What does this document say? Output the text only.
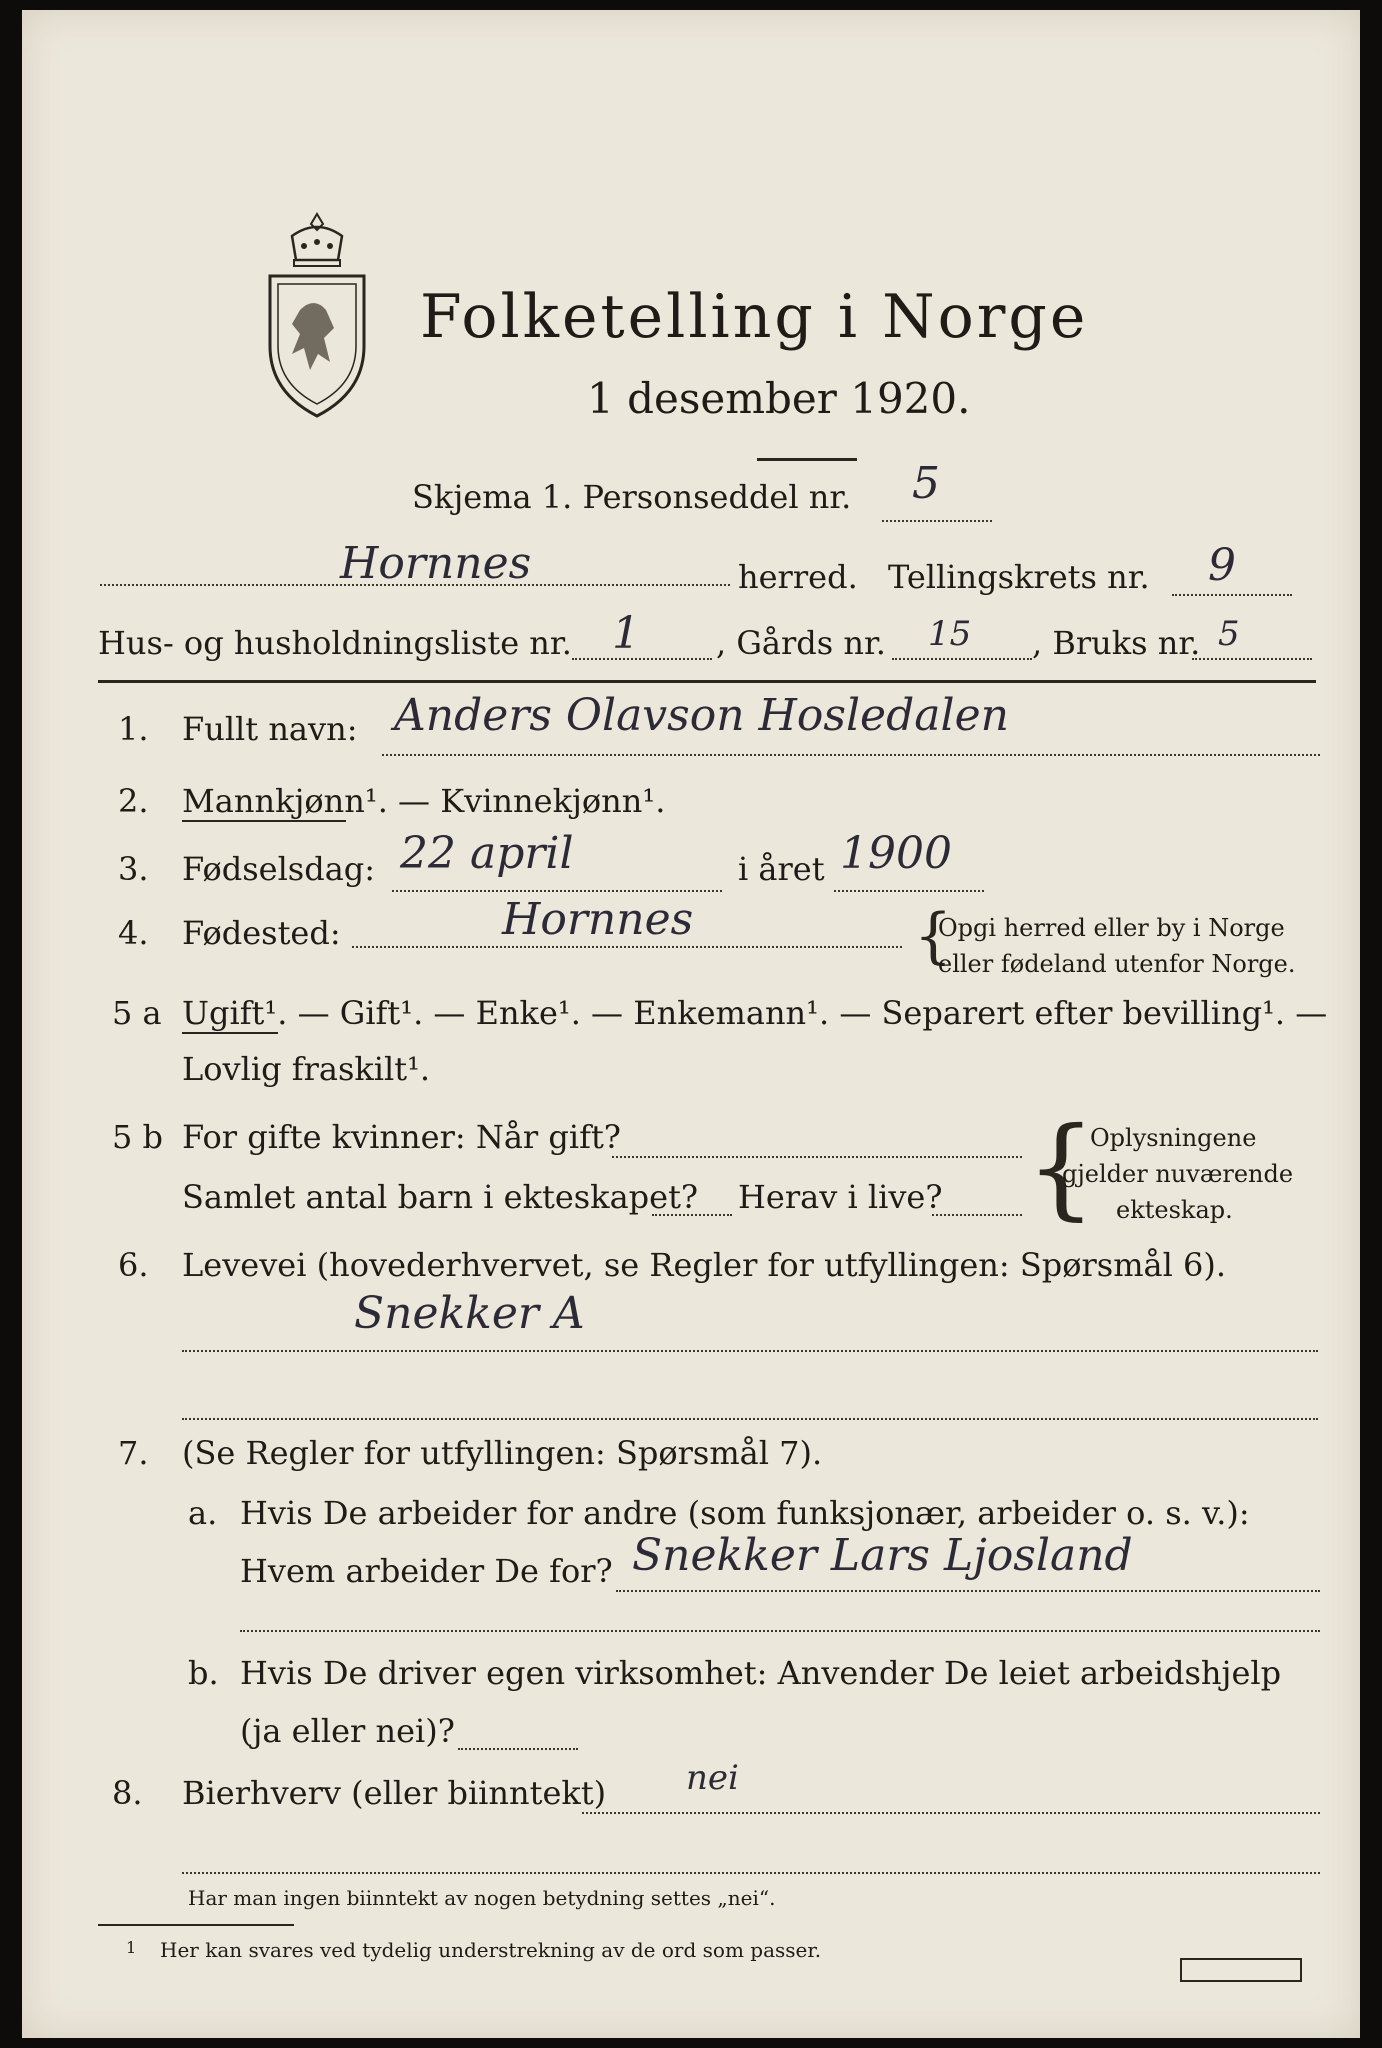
Folketelling i Norge
1 desember 1920.
Skjema 1. Personseddel nr. 5
Hornnes	herred. Tellingskrets nr. 9
Hus- og husholdningsliste nr. 1 , Gårds nr. 15 , Bruks nr. 5
1. Fullt navn: Anders Olavson Hosledalen
2. Mannkjønn¹. — Kvinnekjønn¹.
3. Fødselsdag: 22 april	i året 1900
4. Fødested:	Hornnes	{
Opgi herred eller by i Norge
eller fødeland utenfor Norge.
5 a Ugift¹. — Gift¹. — Enke¹. — Enkemann¹. — Separert efter bevilling¹. —
Lovlig fraskilt¹.
5 b For gifte kvinner: Når gift?
Samlet antal barn i ekteskapet? Herav i live? {
Oplysningene
gjelder nuværende
ekteskap.
6. Levevei (hovederhvervet, se Regler for utfyllingen: Spørsmål 6).
Snekker A
7. (Se Regler for utfyllingen: Spørsmål 7).
a. Hvis De arbeider for andre (som funksjonær, arbeider o. s. v.):
Hvem arbeider De for? Snekker Lars Ljosland
b. Hvis De driver egen virksomhet: Anvender De leiet arbeidshjelp
(ja eller nei)?
8. Bierhverv (eller biinntekt) nei
Har man ingen biinntekt av nogen betydning settes „nei“.
1 Her kan svares ved tydelig understrekning av de ord som passer.
